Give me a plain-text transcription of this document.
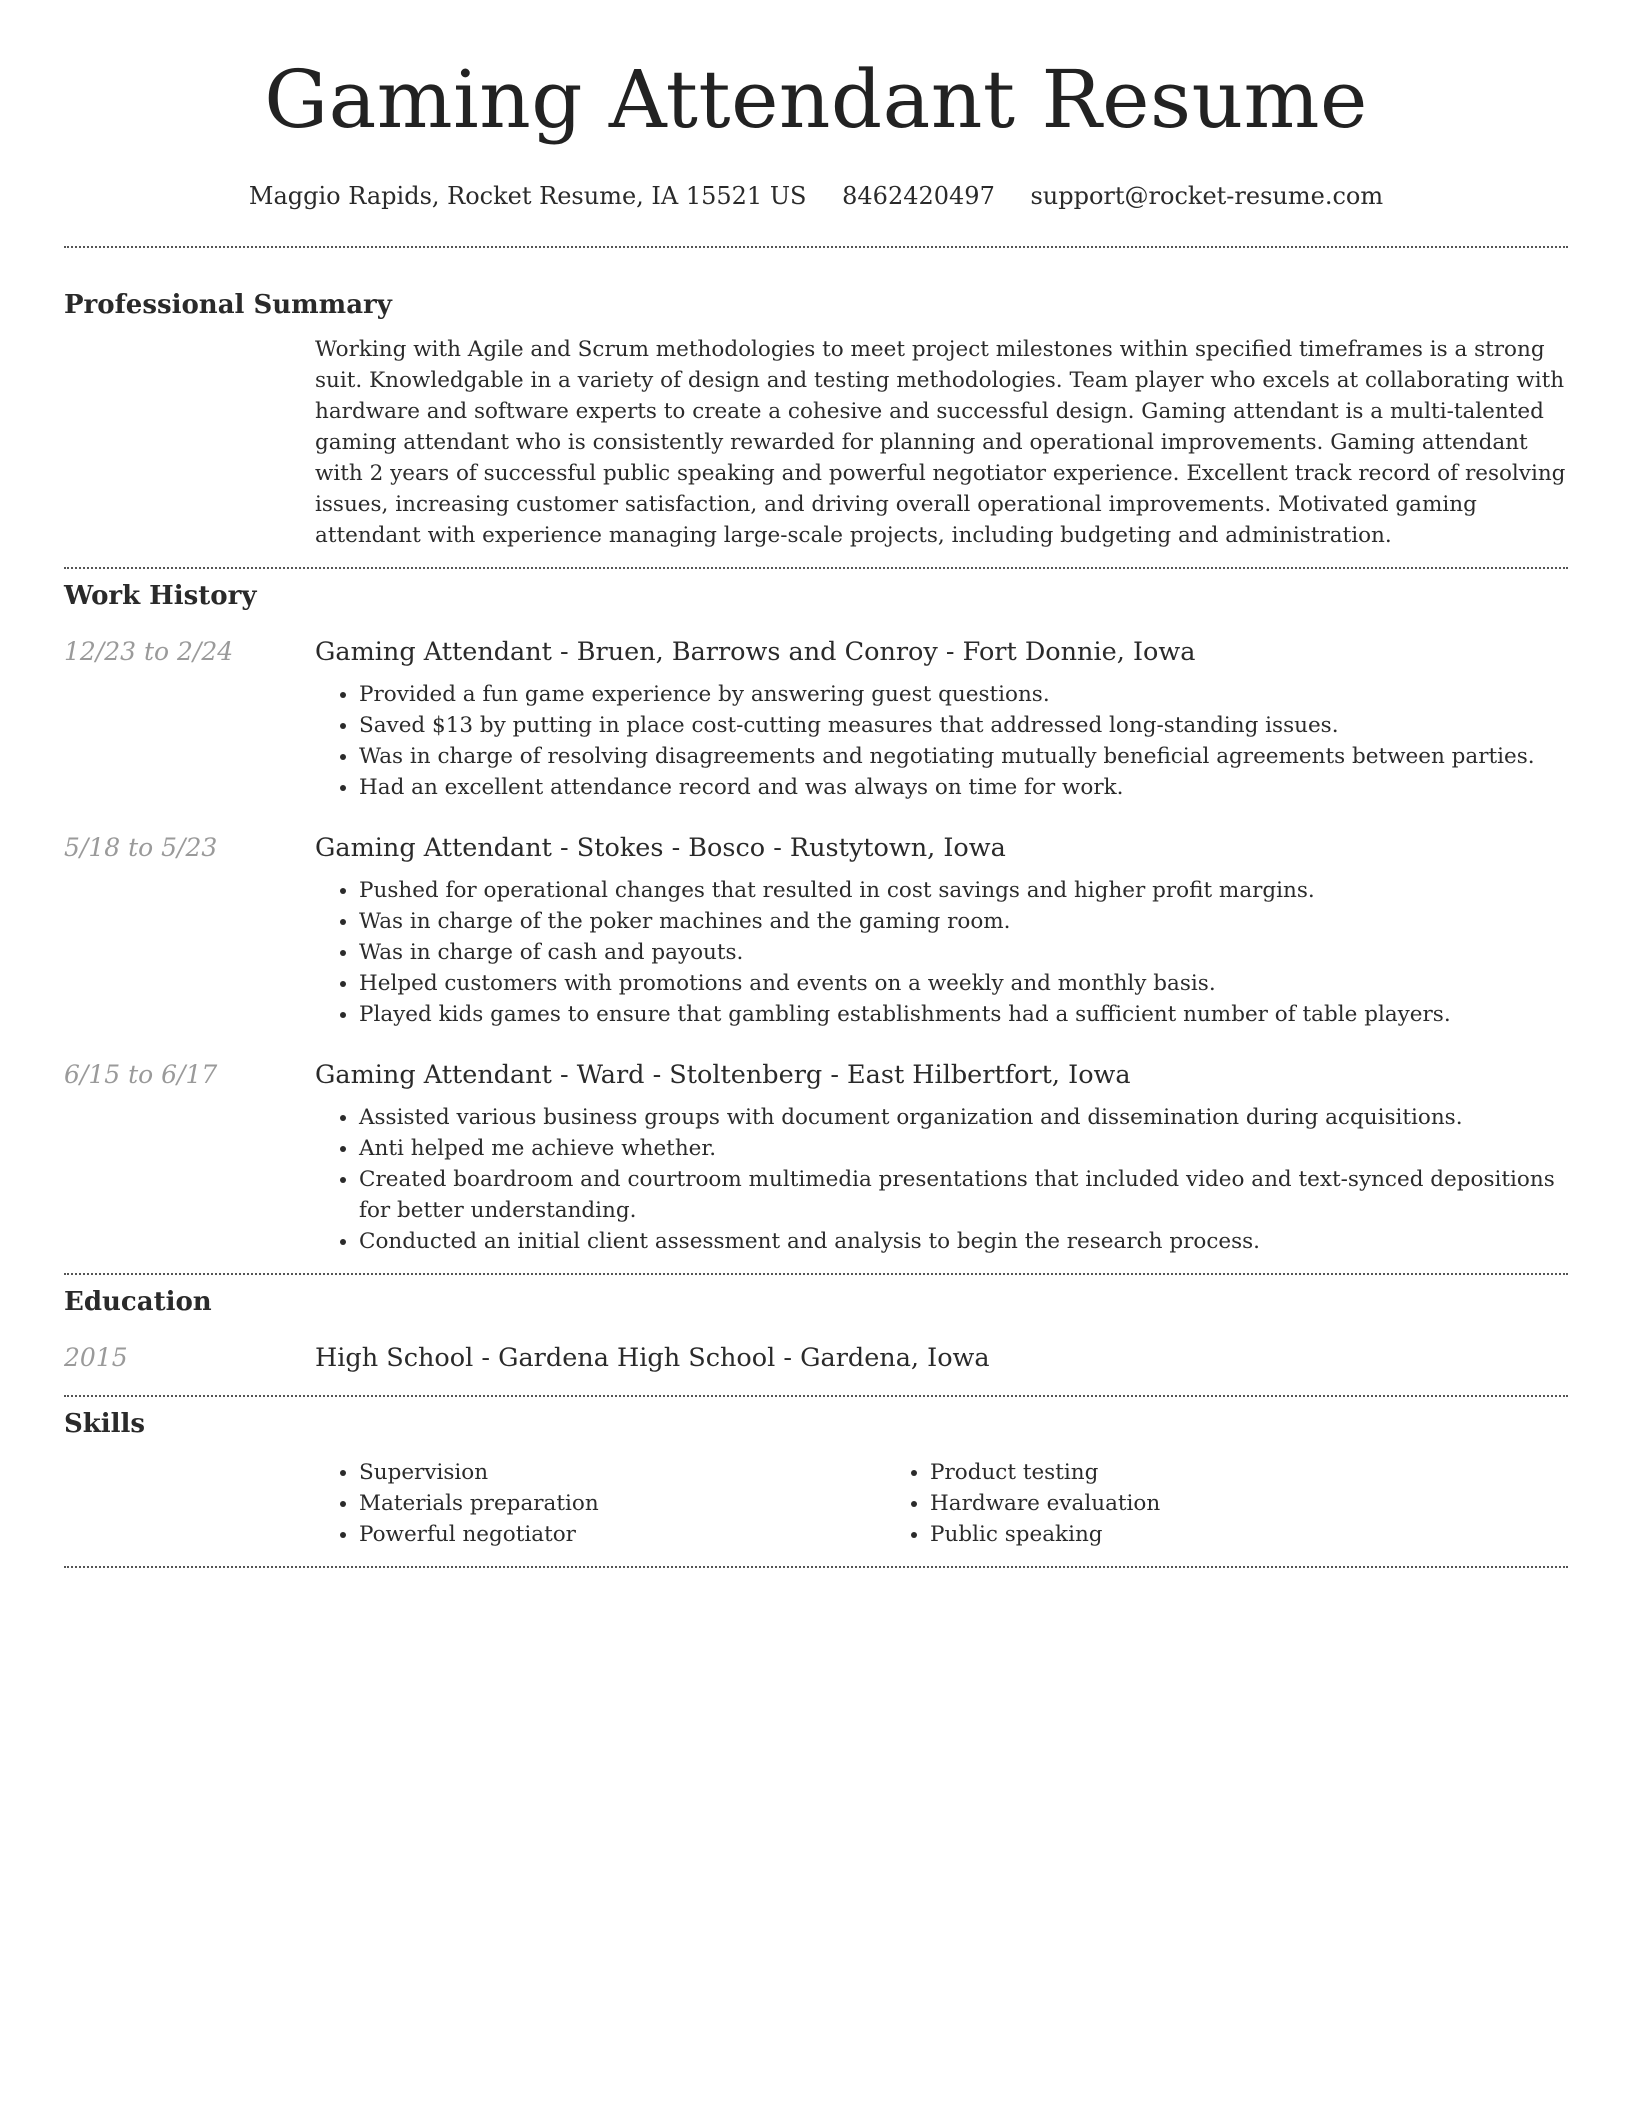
Gaming Attendant Resume
Maggio Rapids, Rocket Resume, IA 15521 US 8462420497 support@rocket-resume.com
Professional Summary

Working with Agile and Scrum methodologies to meet project milestones within specified timeframes is a strong suit. Knowledgable in a variety of design and testing methodologies. Team player who excels at collaborating with hardware and software experts to create a cohesive and successful design. Gaming attendant is a multi-talented gaming attendant who is consistently rewarded for planning and operational improvements. Gaming attendant with 2 years of successful public speaking and powerful negotiator experience. Excellent track record of resolving issues, increasing customer satisfaction, and driving overall operational improvements. Motivated gaming attendant with experience managing large-scale projects, including budgeting and administration.

Work History
12/23 to 2/24	Gaming Attendant - Bruen, Barrows and Conroy - Fort Donnie, Iowa
• Provided a fun game experience by answering guest questions.
• Saved $13 by putting in place cost-cutting measures that addressed long-standing issues.
• Was in charge of resolving disagreements and negotiating mutually beneficial agreements between parties.
• Had an excellent attendance record and was always on time for work.
5/18 to 5/23	Gaming Attendant - Stokes - Bosco - Rustytown, Iowa
• Pushed for operational changes that resulted in cost savings and higher profit margins.
• Was in charge of the poker machines and the gaming room.
• Was in charge of cash and payouts.
• Helped customers with promotions and events on a weekly and monthly basis.
• Played kids games to ensure that gambling establishments had a sufficient number of table players.
6/15 to 6/17	Gaming Attendant - Ward - Stoltenberg - East Hilbertfort, Iowa
• Assisted various business groups with document organization and dissemination during acquisitions.
• Anti helped me achieve whether.
• Created boardroom and courtroom multimedia presentations that included video and text-synced depositions for better understanding.
• Conducted an initial client assessment and analysis to begin the research process.
Education
2015	High School - Gardena High School - Gardena, Iowa
Skills
• Supervision
• Materials preparation
• Powerful negotiator
• Product testing
• Hardware evaluation
• Public speaking
